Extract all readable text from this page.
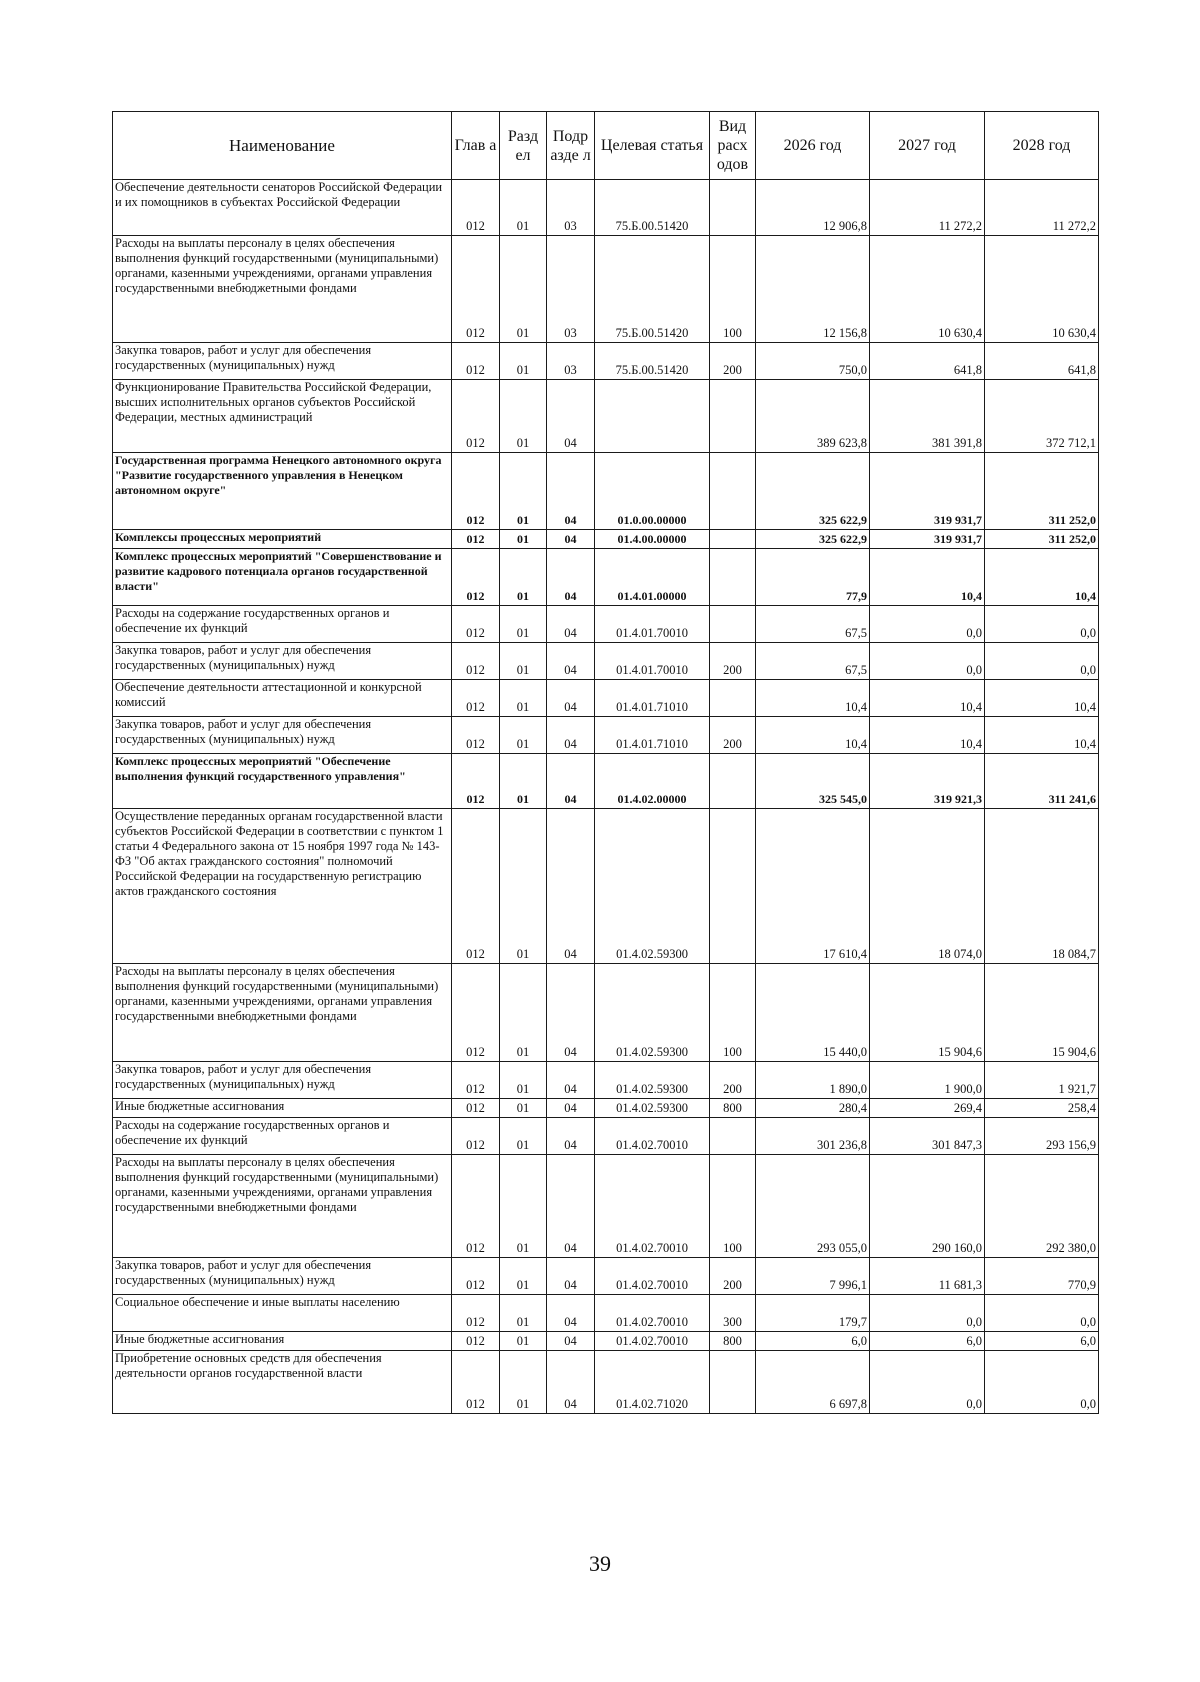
Наименование	Глав а	Разд ел	Подр азде л	Целевая статья	Вид расх одов	2026 год	2027 год	2028 год
Обеспечение деятельности сенаторов Российской Федерации и их помощников в субъектах Российской Федерации	012	01	03	75.Б.00.51420		12 906,8	11 272,2	11 272,2
Расходы на выплаты персоналу в целях обеспечения выполнения функций государственными (муниципальными) органами, казенными учреждениями, органами управления государственными внебюджетными фондами	012	01	03	75.Б.00.51420	100	12 156,8	10 630,4	10 630,4
Закупка товаров, работ и услуг для обеспечения государственных (муниципальных) нужд	012	01	03	75.Б.00.51420	200	750,0	641,8	641,8
Функционирование Правительства Российской Федерации, высших исполнительных органов субъектов Российской Федерации, местных администраций	012	01	04			389 623,8	381 391,8	372 712,1
Государственная программа Ненецкого автономного округа "Развитие государственного управления в Ненецком автономном округе"	012	01	04	01.0.00.00000		325 622,9	319 931,7	311 252,0
Комплексы процессных мероприятий	012	01	04	01.4.00.00000		325 622,9	319 931,7	311 252,0
Комплекс процессных мероприятий "Совершенствование и развитие кадрового потенциала органов государственной власти"	012	01	04	01.4.01.00000		77,9	10,4	10,4
Расходы на содержание государственных органов и обеспечение их функций	012	01	04	01.4.01.70010		67,5	0,0	0,0
Закупка товаров, работ и услуг для обеспечения государственных (муниципальных) нужд	012	01	04	01.4.01.70010	200	67,5	0,0	0,0
Обеспечение деятельности аттестационной и конкурсной комиссий	012	01	04	01.4.01.71010		10,4	10,4	10,4
Закупка товаров, работ и услуг для обеспечения государственных (муниципальных) нужд	012	01	04	01.4.01.71010	200	10,4	10,4	10,4
Комплекс процессных мероприятий "Обеспечение выполнения функций государственного управления"	012	01	04	01.4.02.00000		325 545,0	319 921,3	311 241,6
Осуществление переданных органам государственной власти субъектов Российской Федерации в соответствии с пунктом 1 статьи 4 Федерального закона от 15 ноября 1997 года № 143-ФЗ "Об актах гражданского состояния" полномочий Российской Федерации на государственную регистрацию актов гражданского состояния	012	01	04	01.4.02.59300		17 610,4	18 074,0	18 084,7
Расходы на выплаты персоналу в целях обеспечения выполнения функций государственными (муниципальными) органами, казенными учреждениями, органами управления государственными внебюджетными фондами	012	01	04	01.4.02.59300	100	15 440,0	15 904,6	15 904,6
Закупка товаров, работ и услуг для обеспечения государственных (муниципальных) нужд	012	01	04	01.4.02.59300	200	1 890,0	1 900,0	1 921,7
Иные бюджетные ассигнования	012	01	04	01.4.02.59300	800	280,4	269,4	258,4
Расходы на содержание государственных органов и обеспечение их функций	012	01	04	01.4.02.70010		301 236,8	301 847,3	293 156,9
Расходы на выплаты персоналу в целях обеспечения выполнения функций государственными (муниципальными) органами, казенными учреждениями, органами управления государственными внебюджетными фондами	012	01	04	01.4.02.70010	100	293 055,0	290 160,0	292 380,0
Закупка товаров, работ и услуг для обеспечения государственных (муниципальных) нужд	012	01	04	01.4.02.70010	200	7 996,1	11 681,3	770,9
Социальное обеспечение и иные выплаты населению	012	01	04	01.4.02.70010	300	179,7	0,0	0,0
Иные бюджетные ассигнования	012	01	04	01.4.02.70010	800	6,0	6,0	6,0
Приобретение основных средств для обеспечения деятельности органов государственной власти	012	01	04	01.4.02.71020		6 697,8	0,0	0,0
39
